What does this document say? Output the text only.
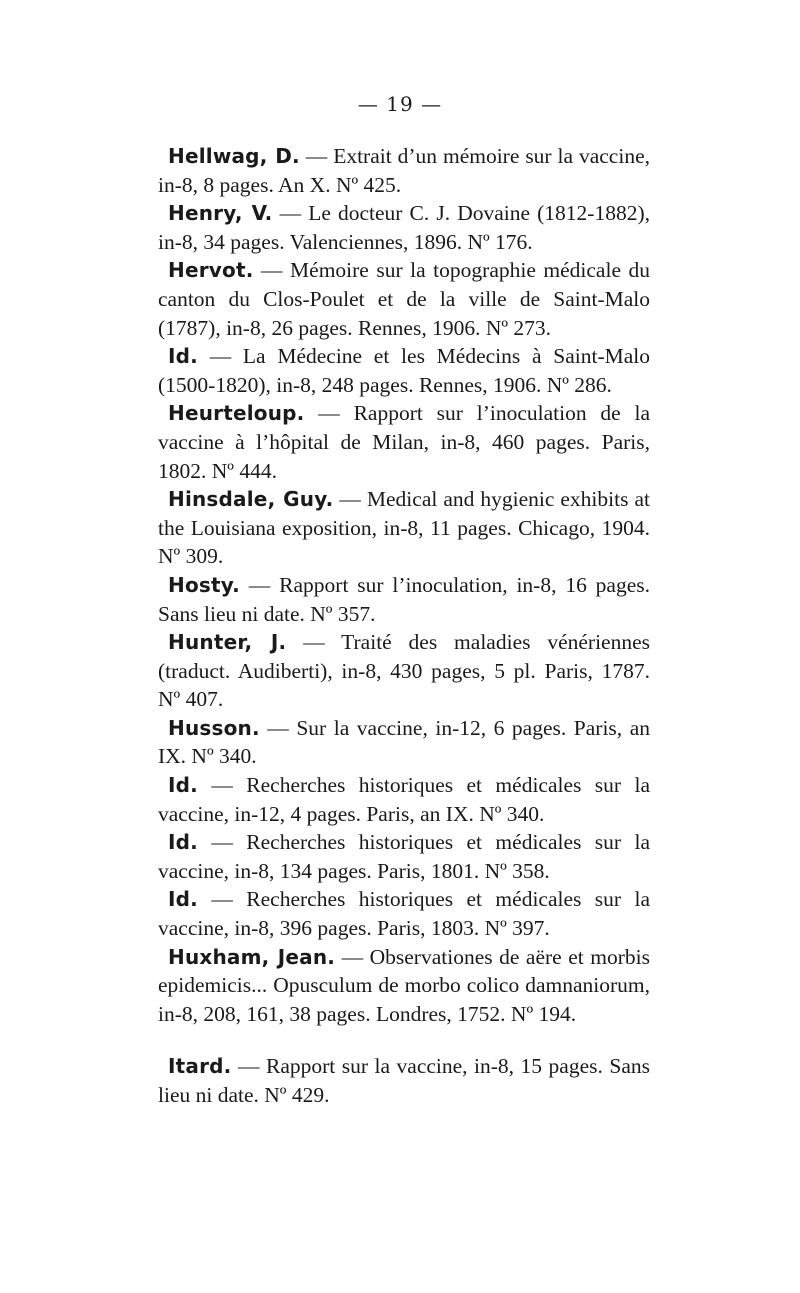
— 19 —

Hellwag, D. — Extrait d’un mémoire sur la vaccine, in-8, 8 pages. An X. Nº 425.

Henry, V. — Le docteur C. J. Dovaine (1812-1882), in-8, 34 pages. Valenciennes, 1896. Nº 176.

Hervot. — Mémoire sur la topographie médicale du canton du Clos-Poulet et de la ville de Saint-Malo (1787), in-8, 26 pages. Rennes, 1906. Nº 273.

Id. — La Médecine et les Médecins à Saint-Malo (1500-1820), in-8, 248 pages. Rennes, 1906. Nº 286.

Heurteloup. — Rapport sur l’inoculation de la vaccine à l’hôpital de Milan, in-8, 460 pages. Paris, 1802. Nº 444.

Hinsdale, Guy. — Medical and hygienic exhibits at the Louisiana exposition, in-8, 11 pages. Chicago, 1904. Nº 309.

Hosty. — Rapport sur l’inoculation, in-8, 16 pages. Sans lieu ni date. Nº 357.

Hunter, J. — Traité des maladies vénériennes (traduct. Audiberti), in-8, 430 pages, 5 pl. Paris, 1787. Nº 407.

Husson. — Sur la vaccine, in-12, 6 pages. Paris, an IX. Nº 340.

Id. — Recherches historiques et médicales sur la vaccine, in-12, 4 pages. Paris, an IX. Nº 340.

Id. — Recherches historiques et médicales sur la vaccine, in-8, 134 pages. Paris, 1801. Nº 358.

Id. — Recherches historiques et médicales sur la vaccine, in-8, 396 pages. Paris, 1803. Nº 397.

Huxham, Jean. — Observationes de aëre et morbis epidemicis... Opusculum de morbo colico damnaniorum, in-8, 208, 161, 38 pages. Londres, 1752. Nº 194.

Itard. — Rapport sur la vaccine, in-8, 15 pages. Sans lieu ni date. Nº 429.
